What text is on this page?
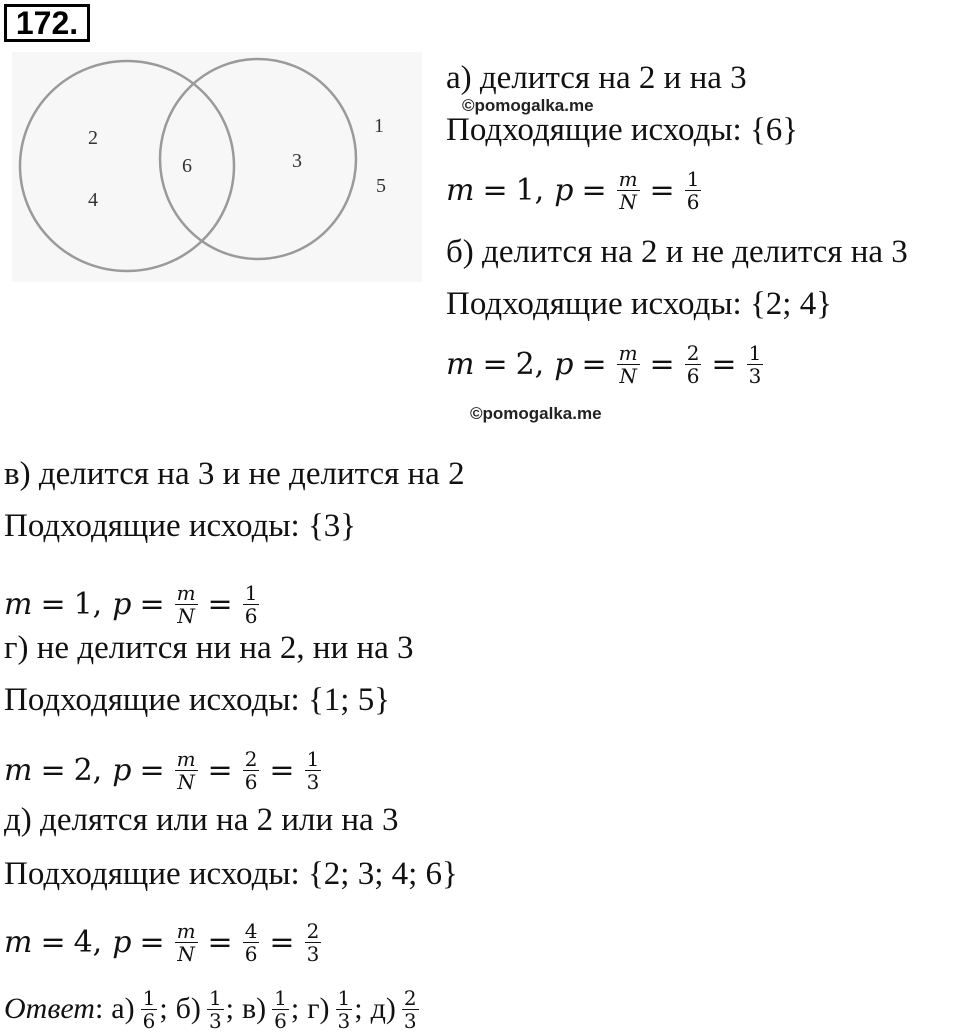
172.
2
4
6	3
1
5
©pomogalka.me
©pomogalka.me
а) делится на 2 и на 3
Подходящие исходы: {6}
m = 1, $p = \frac{m}{N} = \frac{1}{6}$
б) делится на 2 и не делится на 3
Подходящие исходы: {2; 4}
m = 2, $p = \frac{m}{N} = \frac{2}{6} = \frac{1}{3}$
в) делится на 3 и не делится на 2
Подходящие исходы: {3}
m = 1, $p = \frac{m}{N} = \frac{1}{6}$
г) не делится ни на 2, ни на 3
Подходящие исходы: {1; 5}
m = 2, $p = \frac{m}{N} = \frac{2}{6} = \frac{1}{3}$
д) делятся или на 2 или на 3
Подходящие исходы: {2; 3; 4; 6}
m = 4, $p = \frac{m}{N} = \frac{4}{6} = \frac{2}{3}$
Ответ : $а) \frac{1}{6}$ ; $б) \frac{1}{3}$ ; $в) \frac{1}{6}$ ; $г) \frac{1}{3}$ ; $д) \frac{2}{3}$
